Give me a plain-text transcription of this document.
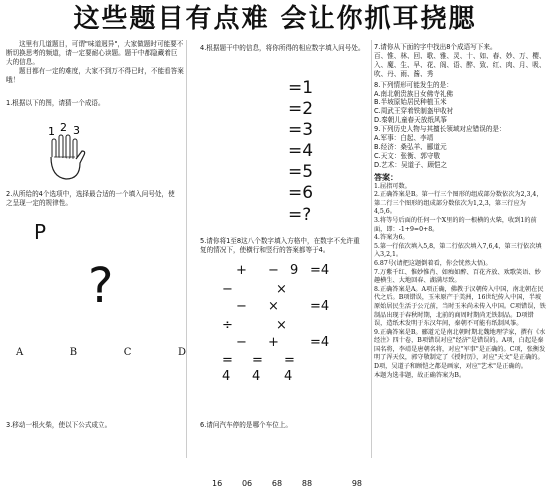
这些题目有点难 会让你抓耳挠腮

这里有几道题目，可谓"味道迥异"，大家做题时可能要不断切换思考的频道，请一定要耐心读题。题干中都隐藏着巨大的信息。

题目都有一定的难度，大家不到万不得已时，不能看答案哦！

1.根据以下的图，请猜一个成语。

1 2 3

2.从所给的4个选项中，选择最合适的一个填入问号处，使之呈现一定的规律性。

P
?
A	B	C	D

3.移动一根火柴，使以下公式成立。

4.根据题干中的信息，将你所得的相应数字填入问号处。

=1
=2
=3
=4
=5
=6
=?

5.请你将1至8这八个数字填入方格中，在数字不允许重复的情况下，使横行和竖行的答案都等于4。

+ − 9 =4
−	×
− × =4
÷	×
− + =4
= = =
4 4 4

6.请问汽车停的是哪个车位上。

16 06 68 88	98

7.请你从下面的字中找出8个成语写下来。

百、惟、林、回、歌、雅、灵、十、如、春、妙、万、樱、入、魔、生、早、花、阁、语、醉、致、红、肉、月、吸、吹、丹、雨、酱、秀

8.下列情形可能发生的是：

A.南北朝贵族日女佛寺礼佛

B.半坡原始居民种植玉米

C.周武王穿着铁制盔甲收衬

D.秦朝儿童春天放纸风筝

9.下列历史人物与其擅长领域对应错误的是：

A.军事：白起、李靖

B.经济：桑弘羊、郦道元

C.天文：张衡、郭守敬

D.艺术：吴道子、顾恺之

答案：

1.屈指可数。

2.正确答案是B。第一行三个图形的组成部分数依次为2,3,4，第二行三个图形的组成部分数依次为1,2,3，第三行应为4,5,6。

3.将等号后面的任何一个X里的的一根横的火柴，收到1的前面，即：-1+9=0+8。

4.答案为6。

5.第一行依次填入5,8，第二行依次填入7,6,4，第三行依次填入3,2,1。

6.87号(请把这题倒着看，你会恍然大悟)。

7.万紫千红、惟妙惟肖、如痴如醉、百花齐放、欢歌笑语、妙趣横生、大地回春、湖满尽致。

8.正确答案是A。A项正确，佛教于汉朝传入中国，南北朝在民代之后。B项错误，玉米原产于美洲，16世纪传入中国，半坡原始居民生活于公元前，当时玉米尚未传入中国。C项错误，铁制品出现于春秋时期，北前的商周时期尚无铁制品。D项错误，造纸术发明于东汉年间，秦朝不可能有纸制风筝。

9.正确答案是B。郦道元是南北朝时期北魏地理学家，撰有《水经注》四十卷，B项错误对应"经济"是错误的。A项，白起是秦国名将，李靖是唐朝名将，对应"军事"是正确的。C项，张衡发明了浑天仪，郭守敬制定了《授时历》，对应"天文"是正确的。D项，吴道子和顾恺之都是画家，对应"艺术"是正确的。

本题为选非题，故正确答案为B。
